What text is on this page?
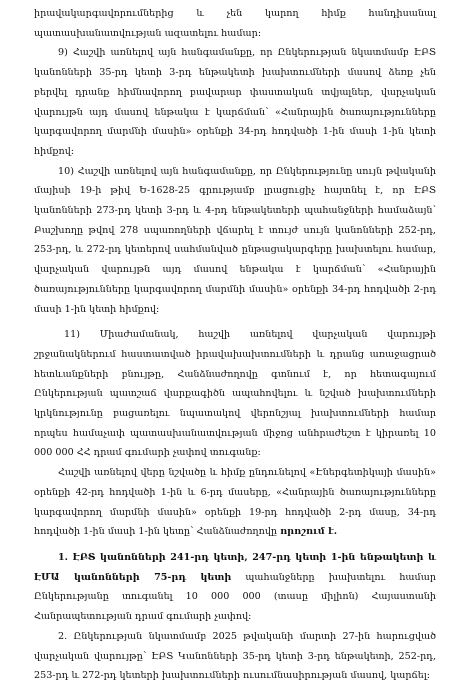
իրավակարգավորումներից և չեն կարող հիմք հանդիսանալ

պատասխանատվության ազատելու համար:

9) Հաշվի առնելով այն հանգամանքը, որ Ընկերության նկատմամբ ԷԲՏ կանոնների 35-րդ կետի 3-րդ ենթակետի խախտումների մասով ձեռք չեն բերվել դրանք հիմնավորող բավարար փաստական տվյալներ, վարչական վարույթն այդ մասով ենթակա է կարճման՝ «Հանրային ծառայությունները կարգավորող մարմնի մասին» օրենքի 34-րդ հոդվածի 1-ին մասի 1-ին կետի հիմքով:

10) Հաշվի առնելով այն հանգամանքը, որ Ընկերությունը սույն թվականի մայիսի 19-ի թիվ Ե-1628-25 գրությամբ լրացուցիչ հայտնել է, որ ԷԲՏ կանոնների 273-րդ կետի 3-րդ և 4-րդ ենթակետերի պահանջների համաձայն՝ Բաշխողը թվով 278 սպառողների վճարել է տույժ սույն կանոնների 252-րդ, 253-րդ, և 272-րդ կետերով սահմանված ընթացակարգերը խախտելու համար, վարչական վարույթն այդ մասով ենթակա է կարճման՝ «Հանրային ծառայությունները կարգավորող մարմնի մասին» օրենքի 34-րդ հոդվածի 2-րդ մասի 1-ին կետի հիմքով:

11) Միաժամանակ, հաշվի առնելով վարչական վարույթի շրջանակներում հաստատված իրավախախտումների և դրանց առաջացրած հետևանքների բնույթը, Հանձնաժողովը գտնում է, որ հետագայում Ընկերության պատշաճ վարքագիծն ապահովելու և նշված խախտումների կրկնությունը բացառելու նպատակով վերոնշյալ խախտումների համար որպես համաչափ պատասխանատվության միջոց անհրաժեշտ է կիրառել 10 000 000 ՀՀ դրամ գումարի չափով տուգանք:

Հաշվի առնելով վերը նշվածը և հիմք ընդունելով «Էներգետիկայի մասին» օրենքի 42-րդ հոդվածի 1-ին և 6-րդ մասերը, «Հանրային ծառայությունները կարգավորող մարմնի մասին» օրենքի 19-րդ հոդվածի 2-րդ մասը, 34-րդ հոդվածի 1-ին մասի 1-ին կետը՝ Հանձնաժողովը որոշում է.

1. ԷԲՏ կանոնների 241-րդ կետի, 247-րդ կետի 1-ին ենթակետի և ԷՄԱ կանոնների 75-րդ կետի պահանջները խախտելու համար Ընկերությանը տուգանել 10 000 000 (տասը միլիոն) Հայաստանի Հանրապետության դրամ գումարի չափով:

2. Ընկերության նկատմամբ 2025 թվականի մարտի 27-ին հարուցված վարչական վարույթը՝ ԷԲՏ Կանոնների 35-րդ կետի 3-րդ ենթակետի, 252-րդ, 253-րդ և 272-րդ կետերի խախտումների ուսումնասիրության մասով, կարճել:
